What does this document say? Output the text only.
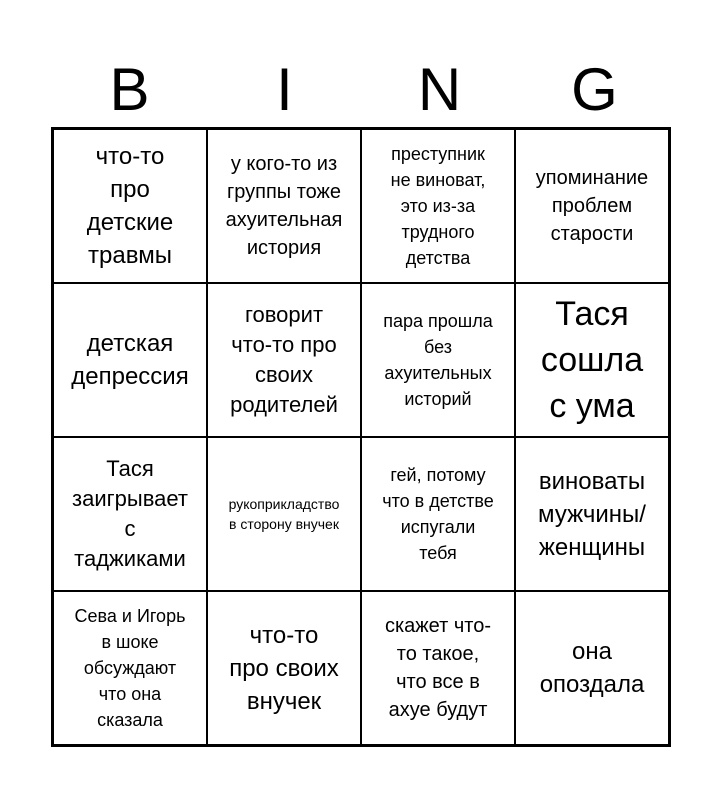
B	I	N	G
что-то
про
детские
травмы
у кого-то из
группы тоже
ахуительная
история
преступник
не виноват,
это из-за
трудного
детства
упоминание
проблем
старости
детская
депрессия
говорит
что-то про
своих
родителей
пара прошла
без
ахуительных
историй
Тася
сошла
с ума
Тася
заигрывает
с
таджиками
рукоприкладство
в сторону внучек
гей, потому
что в детстве
испугали
тебя
виноваты
мужчины/
женщины
Сева и Игорь
в шоке
обсуждают
что она
сказала
что-то
про своих
внучек
скажет что-
то такое,
что все в
ахуе будут
она
опоздала
